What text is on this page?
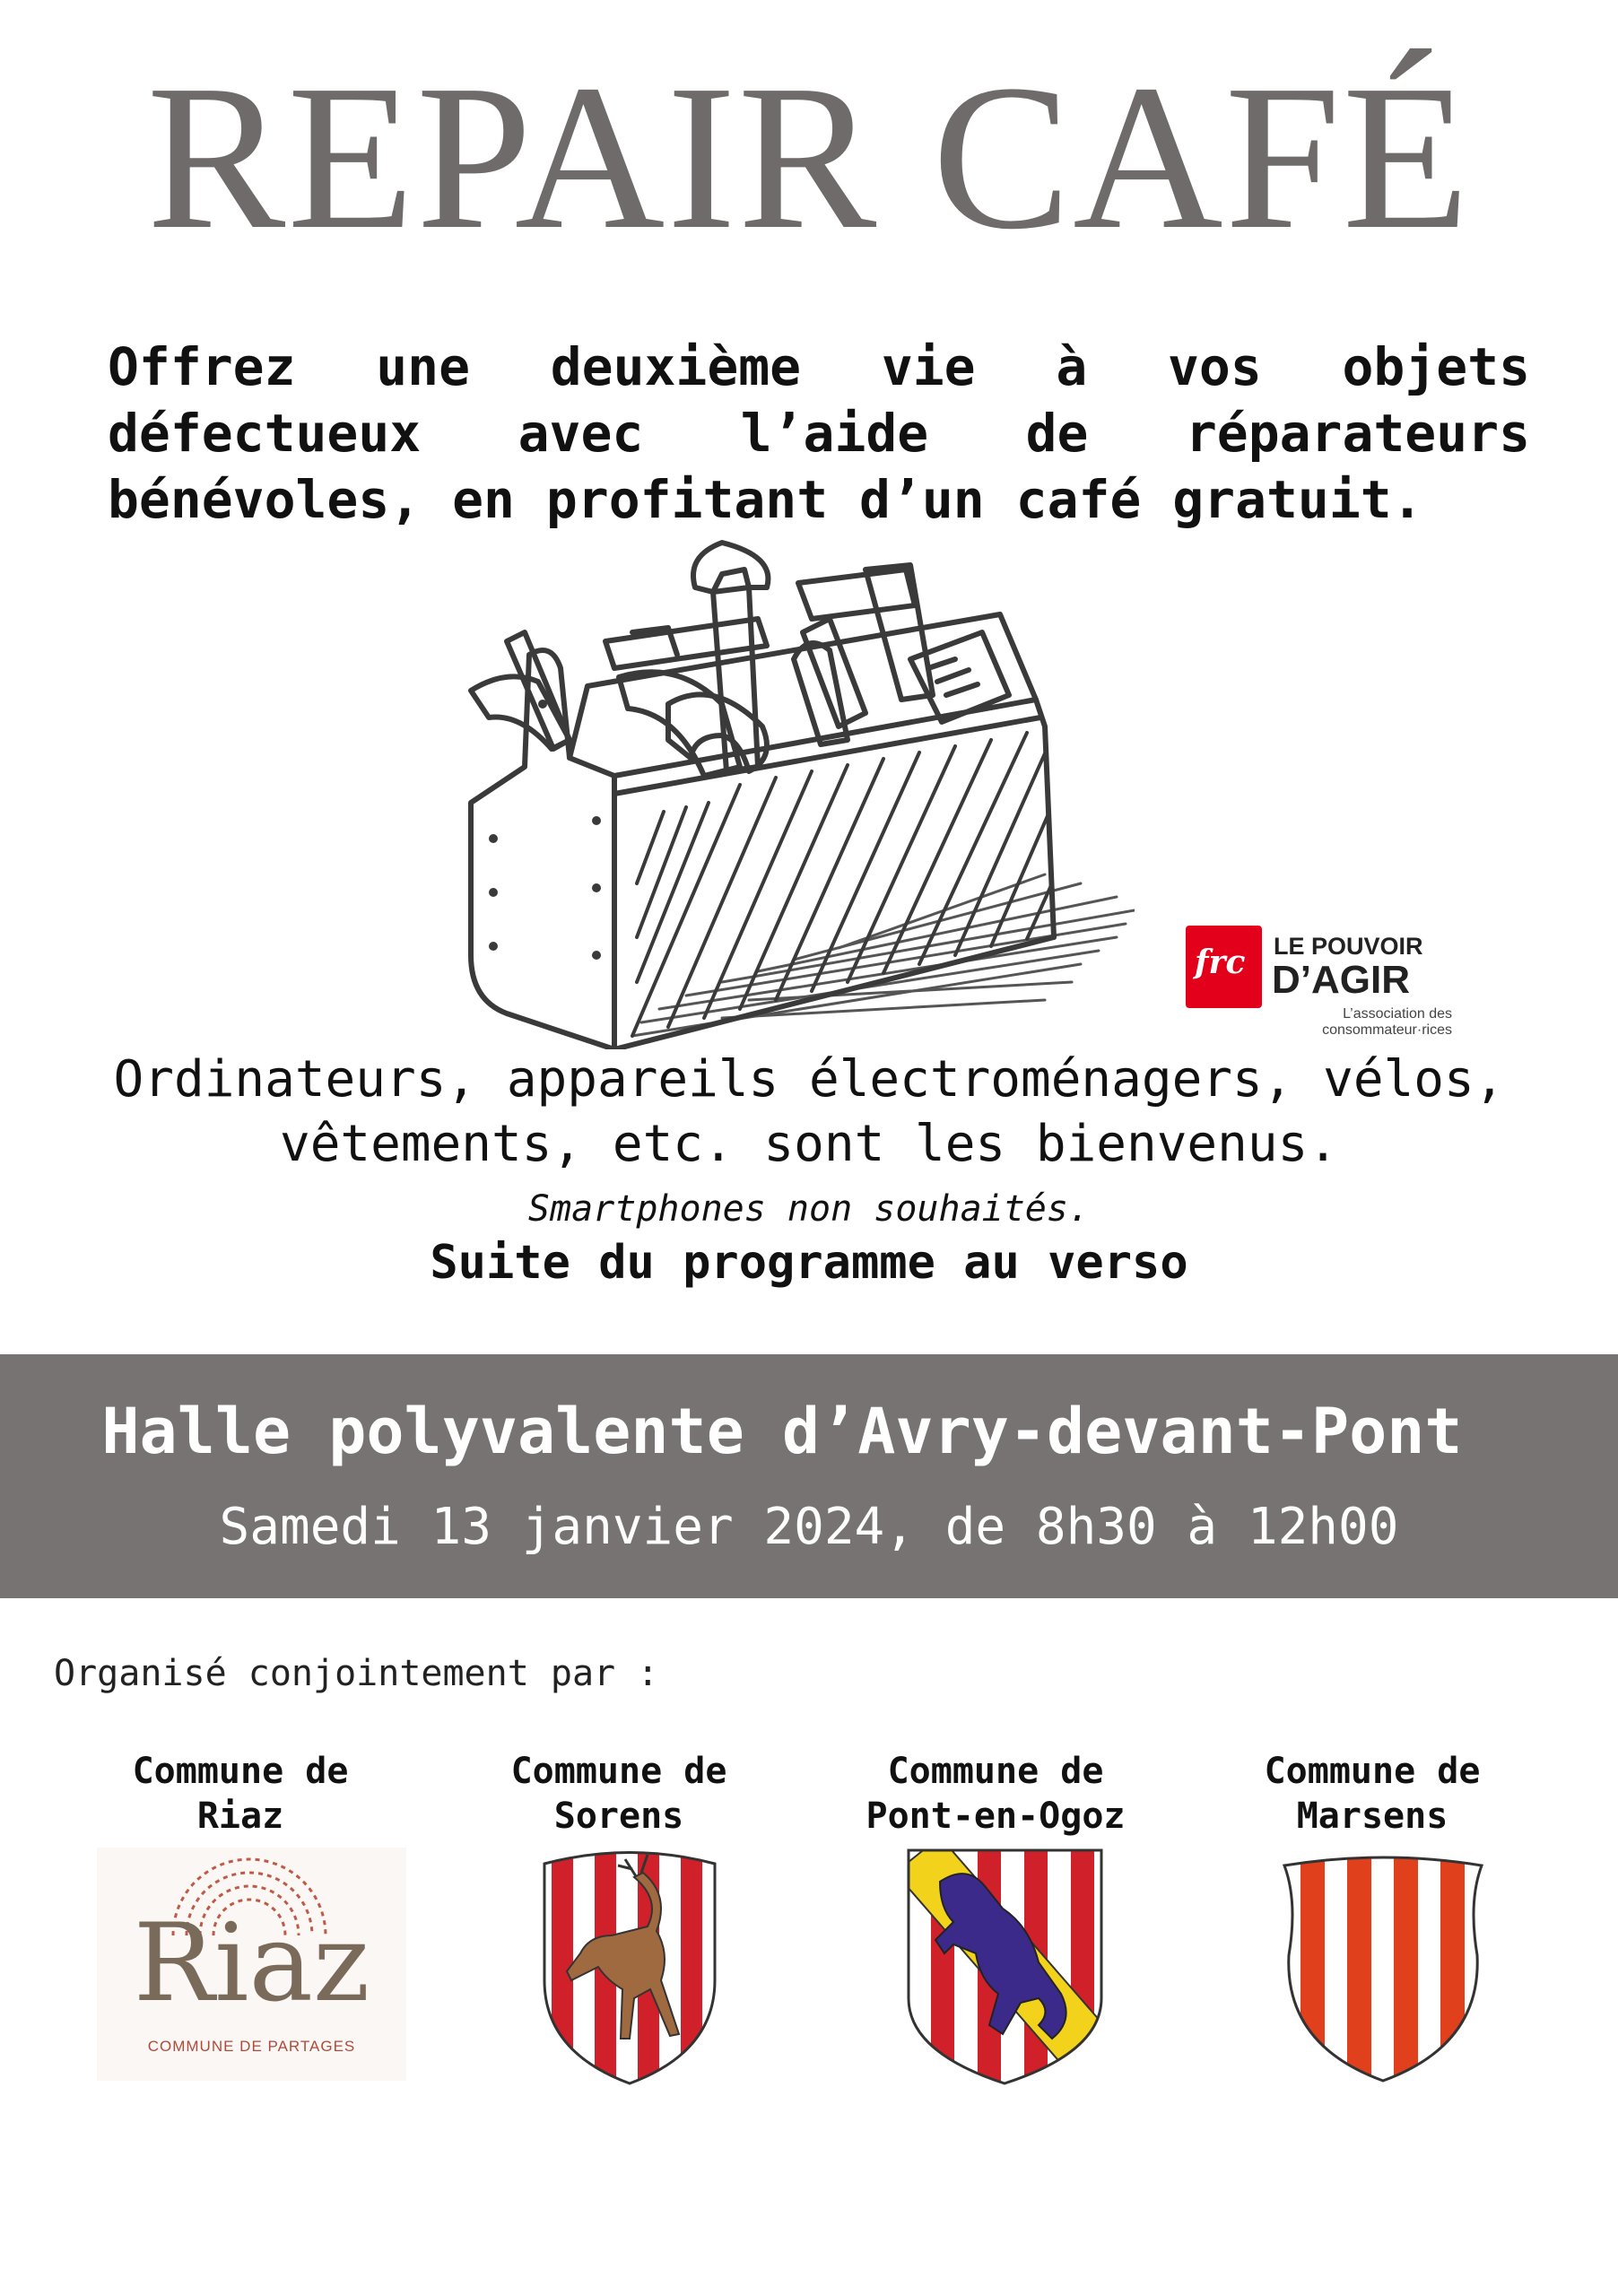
REPAIR CAFÉ
Offrez une deuxième vie à vos objets défectueux avec l’aide de réparateurs bénévoles, en profitant d’un café gratuit.
frc LE POUVOIR
D’AGIR
L’association des
consommateur·rices
Ordinateurs, appareils électroménagers, vélos,
vêtements, etc. sont les bienvenus.
Smartphones non souhaités.
Suite du programme au verso
Halle polyvalente d’Avry-devant-Pont
Samedi 13 janvier 2024, de 8h30 à 12h00
Organisé conjointement par :
Commune de
Riaz
Commune de
Sorens
Commune de
Pont-en-Ogoz
Commune de
Marsens
Riaz
COMMUNE DE PARTAGES
